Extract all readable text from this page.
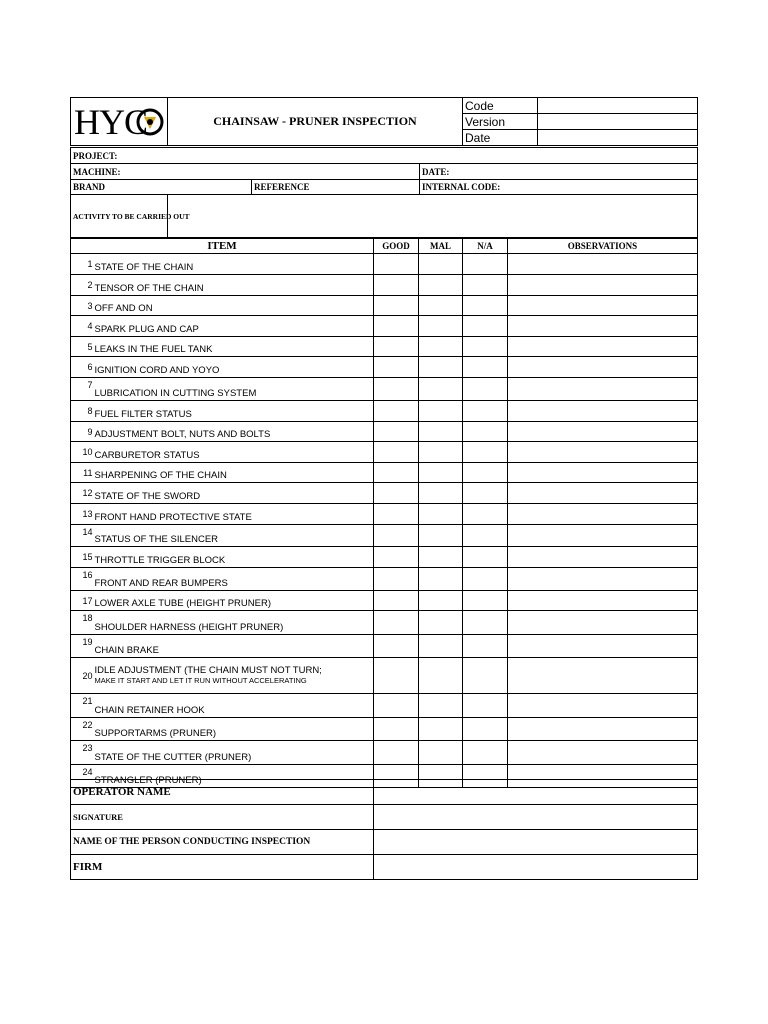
HYC	CHAINSAW - PRUNER INSPECTION	Code	
		Version	
		Date	
PROJECT:			
MACHINE:			DATE:
BRAND		REFERENCE	INTERNAL CODE:
ACTIVITY TO BE CARRIED OUT			
ITEM		GOOD	MAL	N/A	OBSERVATIONS
1	STATE OF THE CHAIN				

2	TENSOR OF THE CHAIN				

3	OFF AND ON				

4	SPARK PLUG AND CAP				

5	LEAKS IN THE FUEL TANK				

6	IGNITION CORD AND YOYO				

7	LUBRICATION IN CUTTING SYSTEM				

8	FUEL FILTER STATUS				

9	ADJUSTMENT BOLT, NUTS AND BOLTS				

10	CARBURETOR STATUS				

11	SHARPENING OF THE CHAIN				

12	STATE OF THE SWORD				

13	FRONT HAND PROTECTIVE STATE				

14	STATUS OF THE SILENCER				

15	THROTTLE TRIGGER BLOCK				

16	FRONT AND REAR BUMPERS				

17	LOWER AXLE TUBE (HEIGHT PRUNER)				

18	SHOULDER HARNESS (HEIGHT PRUNER)				

19	CHAIN BRAKE				

20	IDLE ADJUSTMENT (THE CHAIN MUST NOT TURN;
MAKE IT START AND LET IT RUN WITHOUT ACCELERATING				

21	CHAIN RETAINER HOOK				

22	SUPPORTARMS (PRUNER)				

23	STATE OF THE CUTTER (PRUNER)				

24	STRANGLER (PRUNER)				

OPERATOR NAME	
SIGNATURE	
NAME OF THE PERSON CONDUCTING INSPECTION	
FIRM	
